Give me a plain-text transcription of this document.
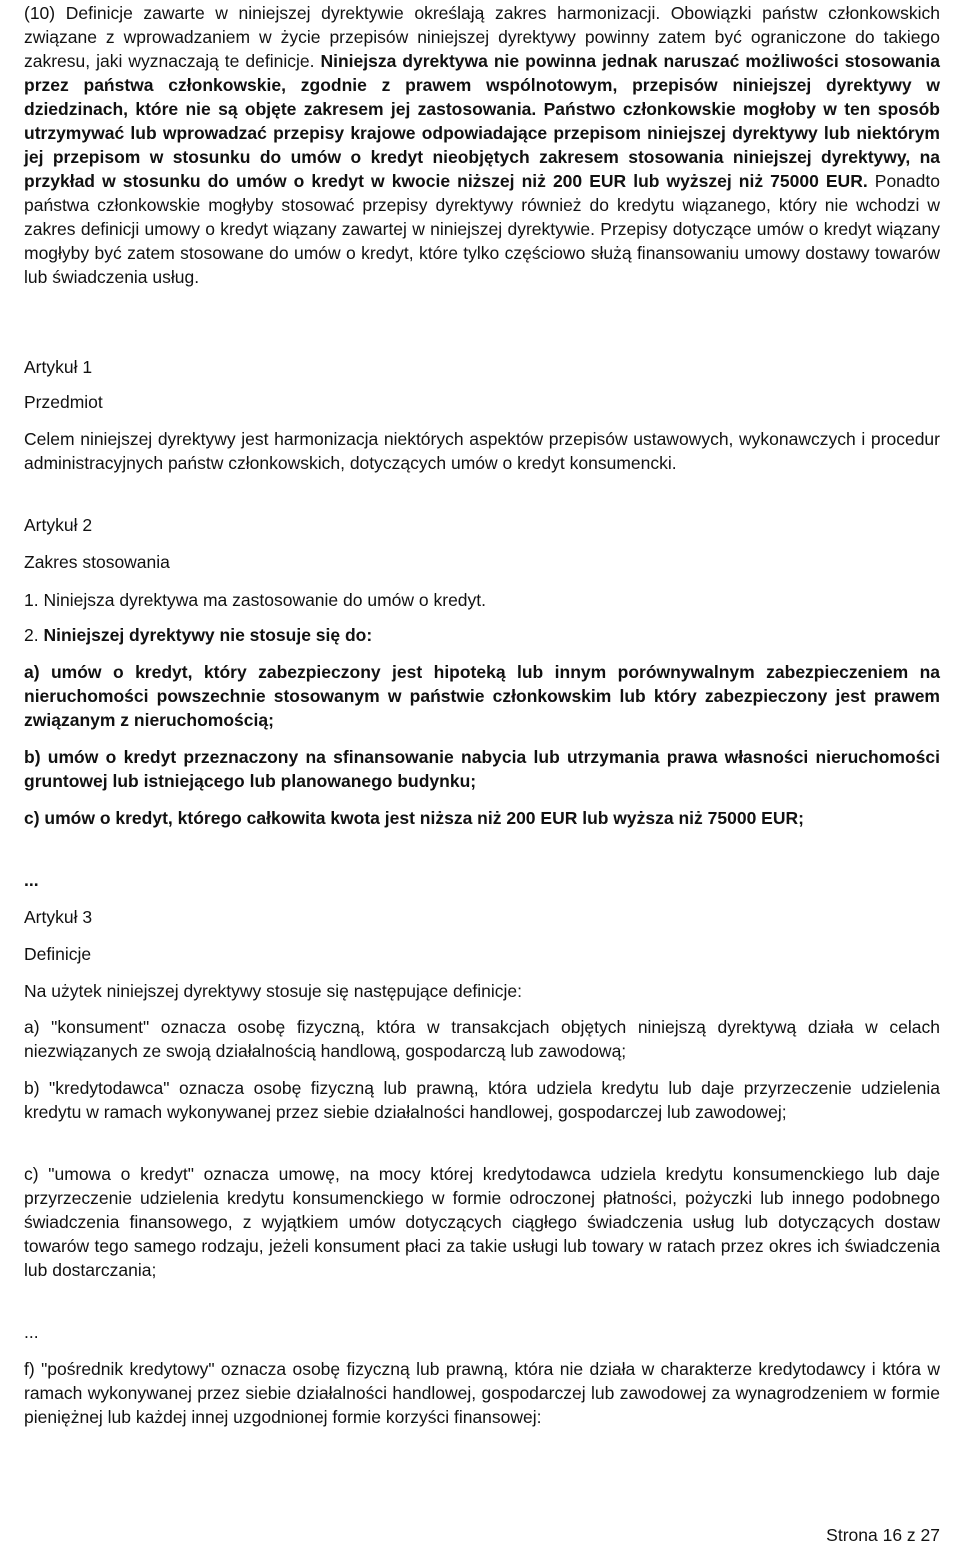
(10) Definicje zawarte w niniejszej dyrektywie określają zakres harmonizacji. Obowiązki państw członkowskich związane z wprowadzaniem w życie przepisów niniejszej dyrektywy powinny zatem być ograniczone do takiego zakresu, jaki wyznaczają te definicje. Niniejsza dyrektywa nie powinna jednak naruszać możliwości stosowania przez państwa członkowskie, zgodnie z prawem wspólnotowym, przepisów niniejszej dyrektywy w dziedzinach, które nie są objęte zakresem jej zastosowania. Państwo członkowskie mogłoby w ten sposób utrzymywać lub wprowadzać przepisy krajowe odpowiadające przepisom niniejszej dyrektywy lub niektórym jej przepisom w stosunku do umów o kredyt nieobjętych zakresem stosowania niniejszej dyrektywy, na przykład w stosunku do umów o kredyt w kwocie niższej niż 200 EUR lub wyższej niż 75000 EUR. Ponadto państwa członkowskie mogłyby stosować przepisy dyrektywy również do kredytu wiązanego, który nie wchodzi w zakres definicji umowy o kredyt wiązany zawartej w niniejszej dyrektywie. Przepisy dotyczące umów o kredyt wiązany mogłyby być zatem stosowane do umów o kredyt, które tylko częściowo służą finansowaniu umowy dostawy towarów lub świadczenia usług.

Artykuł 1

Przedmiot

Celem niniejszej dyrektywy jest harmonizacja niektórych aspektów przepisów ustawowych, wykonawczych i procedur administracyjnych państw członkowskich, dotyczących umów o kredyt konsumencki.

Artykuł 2

Zakres stosowania

1. Niniejsza dyrektywa ma zastosowanie do umów o kredyt.

2. Niniejszej dyrektywy nie stosuje się do:

a) umów o kredyt, który zabezpieczony jest hipoteką lub innym porównywalnym zabezpieczeniem na nieruchomości powszechnie stosowanym w państwie członkowskim lub który zabezpieczony jest prawem związanym z nieruchomością;

b) umów o kredyt przeznaczony na sfinansowanie nabycia lub utrzymania prawa własności nieruchomości gruntowej lub istniejącego lub planowanego budynku;

c) umów o kredyt, którego całkowita kwota jest niższa niż 200 EUR lub wyższa niż 75000 EUR;

...

Artykuł 3

Definicje

Na użytek niniejszej dyrektywy stosuje się następujące definicje:

a) "konsument" oznacza osobę fizyczną, która w transakcjach objętych niniejszą dyrektywą działa w celach niezwiązanych ze swoją działalnością handlową, gospodarczą lub zawodową;

b) "kredytodawca" oznacza osobę fizyczną lub prawną, która udziela kredytu lub daje przyrzeczenie udzielenia kredytu w ramach wykonywanej przez siebie działalności handlowej, gospodarczej lub zawodowej;

c) "umowa o kredyt" oznacza umowę, na mocy której kredytodawca udziela kredytu konsumenckiego lub daje przyrzeczenie udzielenia kredytu konsumenckiego w formie odroczonej płatności, pożyczki lub innego podobnego świadczenia finansowego, z wyjątkiem umów dotyczących ciągłego świadczenia usług lub dotyczących dostaw towarów tego samego rodzaju, jeżeli konsument płaci za takie usługi lub towary w ratach przez okres ich świadczenia lub dostarczania;

...

f) "pośrednik kredytowy" oznacza osobę fizyczną lub prawną, która nie działa w charakterze kredytodawcy i która w ramach wykonywanej przez siebie działalności handlowej, gospodarczej lub zawodowej za wynagrodzeniem w formie pieniężnej lub każdej innej uzgodnionej formie korzyści finansowej:

Strona 16 z 27
